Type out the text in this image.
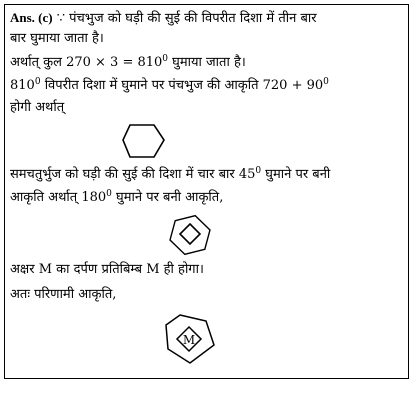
Ans. (c) ∵ पंचभुज को घड़ी की सुई की विपरीत दिशा में तीन बार
बार घुमाया जाता है।
अर्थात् कुल $270 \times 3 = 810^0$ घुमाया जाता है।
$810^0$ विपरीत दिशा में घुमाने पर पंचभुज की आकृति $720 + 90^0$
होगी अर्थात्
समचतुर्भुज को घड़ी की सुई की दिशा में चार बार $45^0$ घुमाने पर बनी
आकृति अर्थात् $180^0$ घुमाने पर बनी आकृति,
अक्षर M का दर्पण प्रतिबिम्ब M ही होगा।
अतः परिणामी आकृति,
M
